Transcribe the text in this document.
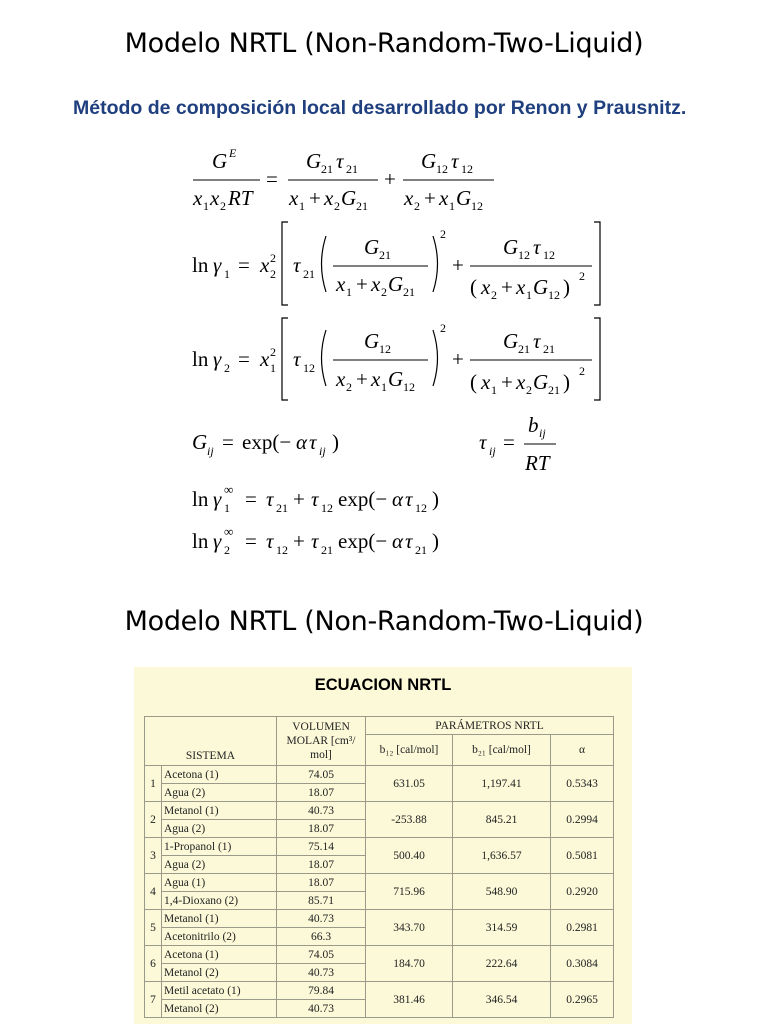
Modelo NRTL (Non-Random-Two-Liquid)
Método de composición local desarrollado por Renon y Prausnitz.
G E
x 1 x 2 RT
=
G 21 τ 21
x 1 + x 2 G 21
+
G 12 τ 12
x 2 + x 1 G 12
ln γ 1 = x 2
2 τ 21
G 21
x 1 + x 2 G 21
2
+
G 12 τ 12
( x 2 + x 1 G 12 ) 2
ln γ 2 = x 1
2 τ 12
G 12
x 2 + x 1 G 12
2
+
G 21 τ 21
( x 1 + x 2 G 21 ) 2
G ij = exp(− α τ ij )	τ ij =
b ij
RT
ln γ 1
∞ = τ 21 + τ 12 exp(− α τ 12 )
ln γ 2
∞ = τ 12 + τ 21 exp(− α τ 21 )
Modelo NRTL (Non-Random-Two-Liquid)
ECUACION NRTL
SISTEMA		VOLUMEN
MOLAR [cm³/
mol]	PARÁMETROS NRTL		
			b₁₂ [cal/mol]	b₂₁ [cal/mol]	α
1	Acetona (1)	74.05	631.05	1,197.41	0.5343
	Agua (2)	18.07			
2	Metanol (1)	40.73	-253.88	845.21	0.2994
	Agua (2)	18.07			
3	1-Propanol (1)	75.14	500.40	1,636.57	0.5081
	Agua (2)	18.07			
4	Agua (1)	18.07	715.96	548.90	0.2920
	1,4-Dioxano (2)	85.71			
5	Metanol (1)	40.73	343.70	314.59	0.2981
	Acetonitrilo (2)	66.3			
6	Acetona (1)	74.05	184.70	222.64	0.3084
	Metanol (2)	40.73			
7	Metil acetato (1)	79.84	381.46	346.54	0.2965
	Metanol (2)	40.73			
